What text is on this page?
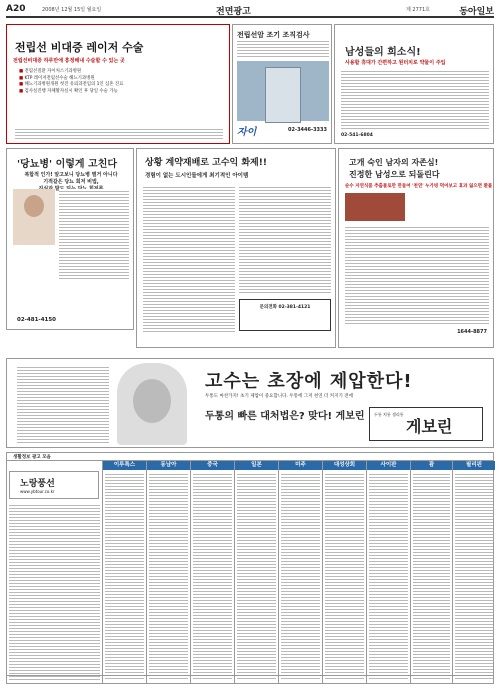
A20	2008년 12월 15일 월요일	전면광고	제 2771호	동아일보
전립선 비대증 레이저 수술
전립선비대증 하루만에 흥정해내 수술할 수 있는 곳
■ 전립선질환 자이처스기과병원
■ KTP 레이저전립선수술 해뇨기과병원
■ 해뇨기과병원개원 첫진 유뢰과전임의 1인 심혼 진료
■ 검사실진행 자체활자실시 확인 후 당일 수술 가능
전립선암 조기 조직검사
자이	02-3446-3333
남성들의 희소식!
사용할 휴대가 간편하고 원터치로 약물이 주입
02-541-6804
'당뇨병' 이렇게 고친다
복합적 인가! 알고보니 당뇨병 별거 아니다
기적같은 당뇨 회저 비법,
02-481-4150
상황 계약재배로 고수익 화제!!
경험이 없는 도시인들에게 최기적인 아이템
문의전화 02-381-4121
고개 숙인 남자의 자존심!
진정한 남성으로 되돌린다
순수 자연식품 추출물로만 만들어 '천연' 누가빙 먹어보고 효과 잃으면 환불
1644-8877
고수는 초장에 제압한다!
두통도 마찬가지! 초기 제압이 중요합니다. 두통에 그저 천연 더 커지기 전에
두통의 빠른 대처법은? 맞다! 게보린 두통 치통 생리통
게보린
생활정보 광고 모음
노랑풍선
www.ybtour.co.kr
이루톡스	동남아	중국	일본	미주	대성상회	사이판	괌	필리핀
